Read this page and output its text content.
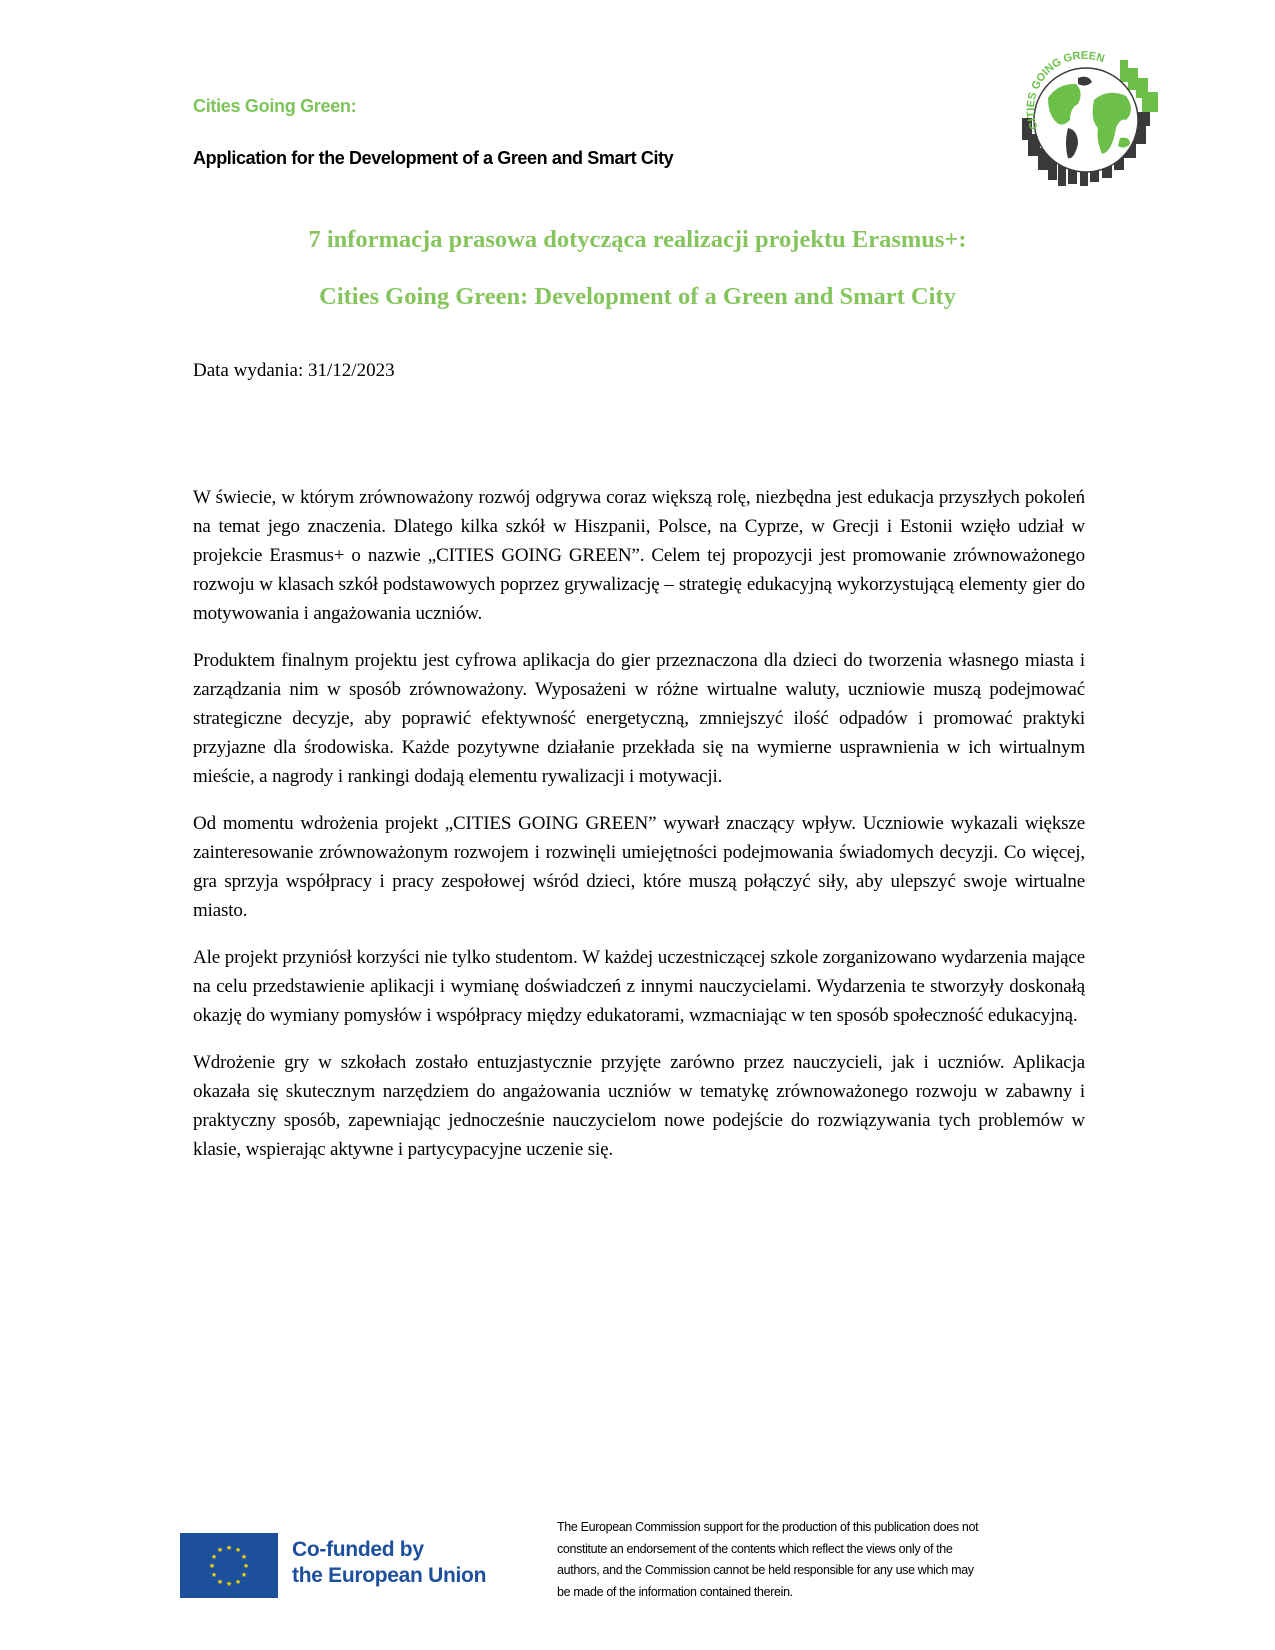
Cities Going Green:
Application for the Development of a Green and Smart City
CITIES GOING GREEN
7 informacja prasowa dotycząca realizacji projektu Erasmus+:
Cities Going Green: Development of a Green and Smart City
Data wydania: 31/12/2023

W świecie, w którym zrównoważony rozwój odgrywa coraz większą rolę, niezbędna jest edukacja przyszłych pokoleń na temat jego znaczenia. Dlatego kilka szkół w Hiszpanii, Polsce, na Cyprze, w Grecji i Estonii wzięło udział w projekcie Erasmus+ o nazwie „CITIES GOING GREEN”. Celem tej propozycji jest promowanie zrównoważonego rozwoju w klasach szkół podstawowych poprzez grywalizację – strategię edukacyjną wykorzystującą elementy gier do motywowania i angażowania uczniów.

Produktem finalnym projektu jest cyfrowa aplikacja do gier przeznaczona dla dzieci do tworzenia własnego miasta i zarządzania nim w sposób zrównoważony. Wyposażeni w różne wirtualne waluty, uczniowie muszą podejmować strategiczne decyzje, aby poprawić efektywność energetyczną, zmniejszyć ilość odpadów i promować praktyki przyjazne dla środowiska. Każde pozytywne działanie przekłada się na wymierne usprawnienia w ich wirtualnym mieście, a nagrody i rankingi dodają elementu rywalizacji i motywacji.

Od momentu wdrożenia projekt „CITIES GOING GREEN” wywarł znaczący wpływ. Uczniowie wykazali większe zainteresowanie zrównoważonym rozwojem i rozwinęli umiejętności podejmowania świadomych decyzji. Co więcej, gra sprzyja współpracy i pracy zespołowej wśród dzieci, które muszą połączyć siły, aby ulepszyć swoje wirtualne miasto.

Ale projekt przyniósł korzyści nie tylko studentom. W każdej uczestniczącej szkole zorganizowano wydarzenia mające na celu przedstawienie aplikacji i wymianę doświadczeń z innymi nauczycielami. Wydarzenia te stworzyły doskonałą okazję do wymiany pomysłów i współpracy między edukatorami, wzmacniając w ten sposób społeczność edukacyjną.

Wdrożenie gry w szkołach zostało entuzjastycznie przyjęte zarówno przez nauczycieli, jak i uczniów. Aplikacja okazała się skutecznym narzędziem do angażowania uczniów w tematykę zrównoważonego rozwoju w zabawny i praktyczny sposób, zapewniając jednocześnie nauczycielom nowe podejście do rozwiązywania tych problemów w klasie, wspierając aktywne i partycypacyjne uczenie się.

★ ★
★
★
★
★
★
★
★
★
★
★	Co-funded by
the European Union
The European Commission support for the production of this publication does not
constitute an endorsement of the contents which reflect the views only of the
authors, and the Commission cannot be held responsible for any use which may
be made of the information contained therein.
